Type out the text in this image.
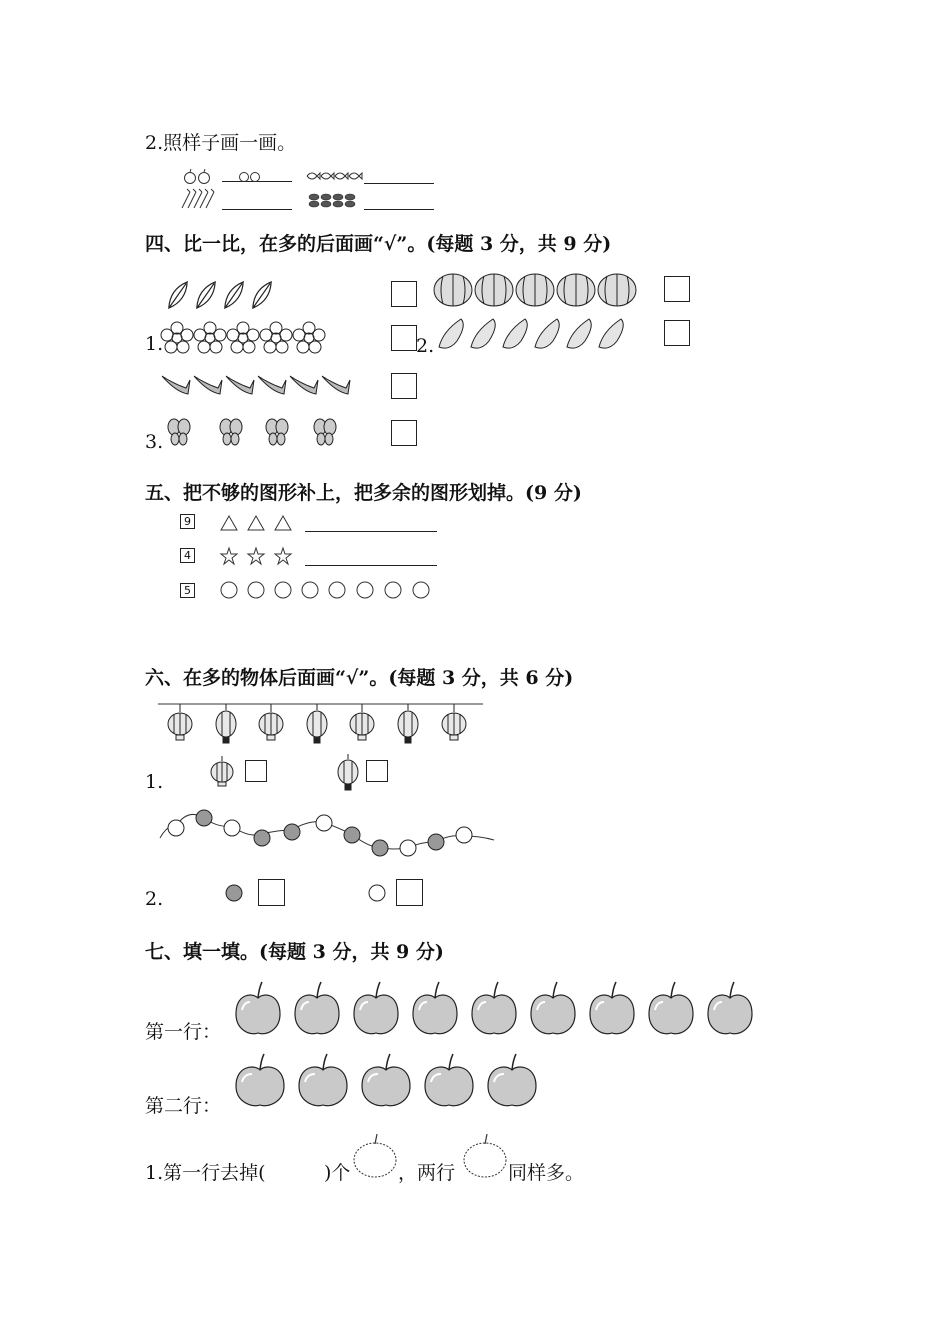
2.照样子画一画。
四、比一比，在多的后面画“√”。(每题 3 分，共 9 分)
1.	2.
3.
五、把不够的图形补上，把多余的图形划掉。(9 分)
9
4
5
六、在多的物体后面画“√”。(每题 3 分，共 6 分)
1.
2.
七、填一填。(每题 3 分，共 9 分)
第一行：
第二行：
1.第一行去掉(	)个	，两行	同样多。
